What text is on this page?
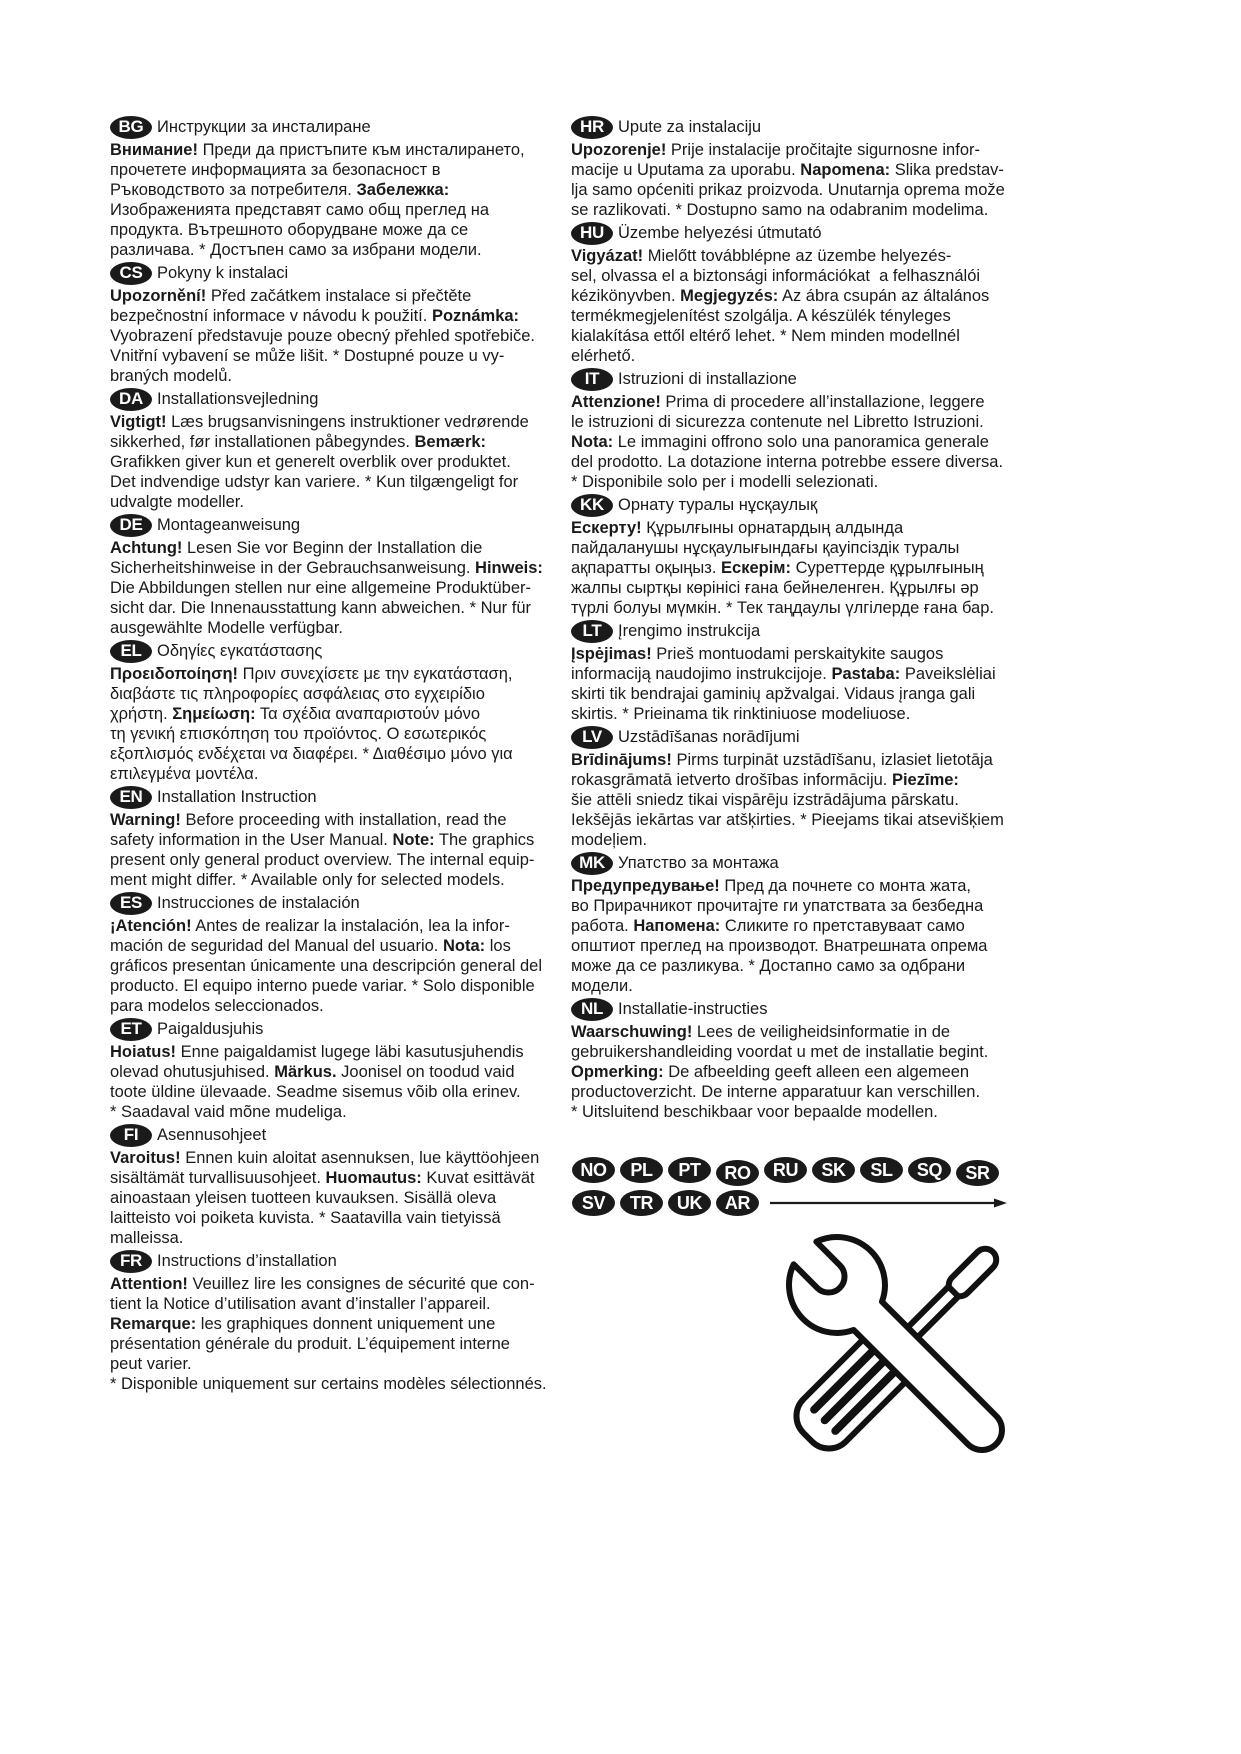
BG Инструкции за инсталиране
Внимание! Преди да пристъпите към инсталирането,
прочетете информацията за безопасност в
Ръководството за потребителя. Забележка:
Изображенията представят само общ преглед на
продукта. Вътрешното оборудване може да се
различава. * Достъпен само за избрани модели.
CS Pokyny k instalaci
Upozornění! Před začátkem instalace si přečtěte
bezpečnostní informace v návodu k použití. Poznámka:
Vyobrazení představuje pouze obecný přehled spotřebiče.
Vnitřní vybavení se může lišit. * Dostupné pouze u vy-
braných modelů.
DA Installationsvejledning
Vigtigt! Læs brugsanvisningens instruktioner vedrørende
sikkerhed, før installationen påbegyndes. Bemærk:
Grafikken giver kun et generelt overblik over produktet.
Det indvendige udstyr kan variere. * Kun tilgængeligt for
udvalgte modeller.
DE Montageanweisung
Achtung! Lesen Sie vor Beginn der Installation die
Sicherheitshinweise in der Gebrauchsanweisung. Hinweis:
Die Abbildungen stellen nur eine allgemeine Produktüber-
sicht dar. Die Innenausstattung kann abweichen. * Nur für
ausgewählte Modelle verfügbar.
EL Οδηγίες εγκατάστασης
Προειδοποίηση! Πριν συνεχίσετε με την εγκατάσταση,
διαβάστε τις πληροφορίες ασφάλειας στο εγχειρίδιο
χρήστη. Σημείωση: Τα σχέδια αναπαριστούν μόνο
τη γενική επισκόπηση του προϊόντος. Ο εσωτερικός
εξοπλισμός ενδέχεται να διαφέρει. * Διαθέσιμο μόνο για
επιλεγμένα μοντέλα.
EN Installation Instruction
Warning! Before proceeding with installation, read the
safety information in the User Manual. Note: The graphics
present only general product overview. The internal equip-
ment might differ. * Available only for selected models.
ES Instrucciones de instalación
¡Atención! Antes de realizar la instalación, lea la infor-
mación de seguridad del Manual del usuario. Nota: los
gráficos presentan únicamente una descripción general del
producto. El equipo interno puede variar. * Solo disponible
para modelos seleccionados.
ET Paigaldusjuhis
Hoiatus! Enne paigaldamist lugege läbi kasutusjuhendis
olevad ohutusjuhised. Märkus. Joonisel on toodud vaid
toote üldine ülevaade. Seadme sisemus võib olla erinev.
* Saadaval vaid mõne mudeliga.
FI	Asennusohjeet
Varoitus! Ennen kuin aloitat asennuksen, lue käyttöohjeen
sisältämät turvallisuusohjeet. Huomautus: Kuvat esittävät
ainoastaan yleisen tuotteen kuvauksen. Sisällä oleva
laitteisto voi poiketa kuvista. * Saatavilla vain tietyissä
malleissa.
FR Instructions d’installation
Attention! Veuillez lire les consignes de sécurité que con-
tient la Notice d’utilisation avant d’installer l’appareil.
Remarque: les graphiques donnent uniquement une
présentation générale du produit. L’équipement interne
peut varier.
* Disponible uniquement sur certains modèles sélectionnés.
HR Upute za instalaciju
Upozorenje! Prije instalacije pročitajte sigurnosne infor-
macije u Uputama za uporabu. Napomena: Slika predstav-
lja samo općeniti prikaz proizvoda. Unutarnja oprema može
se razlikovati. * Dostupno samo na odabranim modelima.
HU Üzembe helyezési útmutató
Vigyázat! Mielőtt továbblépne az üzembe helyezés-
sel, olvassa el a biztonsági információkat  a felhasználói
kézikönyvben. Megjegyzés: Az ábra csupán az általános
termékmegjelenítést szolgálja. A készülék tényleges
kialakítása ettől eltérő lehet. * Nem minden modellnél
elérhető.
IT	Istruzioni di installazione
Attenzione! Prima di procedere all’installazione, leggere
le istruzioni di sicurezza contenute nel Libretto Istruzioni.
Nota: Le immagini offrono solo una panoramica generale
del prodotto. La dotazione interna potrebbe essere diversa.
* Disponibile solo per i modelli selezionati.
KK Орнату туралы нұсқаулық
Ескерту! Құрылғыны орнатардың алдында
пайдаланушы нұсқаулығындағы қауіпсіздік туралы
ақпаратты оқыңыз. Ескерім: Суреттерде құрылғының
жалпы сыртқы көрінісі ғана бейнеленген. Құрылғы әр
түрлі болуы мүмкін. * Тек таңдаулы үлгілерде ғана бар.
LT	Įrengimo instrukcija
Įspėjimas! Prieš montuodami perskaitykite saugos
informaciją naudojimo instrukcijoje. Pastaba: Paveikslėliai
skirti tik bendrajai gaminių apžvalgai. Vidaus įranga gali
skirtis. * Prieinama tik rinktiniuose modeliuose.
LV Uzstādīšanas norādījumi
Brīdinājums! Pirms turpināt uzstādīšanu, izlasiet lietotāja
rokasgrāmatā ietverto drošības informāciju. Piezīme:
šie attēli sniedz tikai vispārēju izstrādājuma pārskatu.
Iekšējās iekārtas var atšķirties. * Pieejams tikai atsevišķiem
modeļiem.
MK Упатство за монтажа
Предупредување! Пред да почнете со монта жата,
во Прирачникот прочитајте ги упатствата за безбедна
работа. Напомена: Сликите го претставуваат само
општиот преглед на производот. Внатрешната опрема
може да се разликува. * Достапно само за одбрани
модели.
NL Installatie-instructies
Waarschuwing! Lees de veiligheidsinformatie in de
gebruikershandleiding voordat u met de installatie begint.
Opmerking: De afbeelding geeft alleen een algemeen
productoverzicht. De interne apparatuur kan verschillen.
* Uitsluitend beschikbaar voor bepaalde modellen.
NO	PL	PT	RO	RU	SK	SL	SQ	SR
SV	TR	UK	AR
